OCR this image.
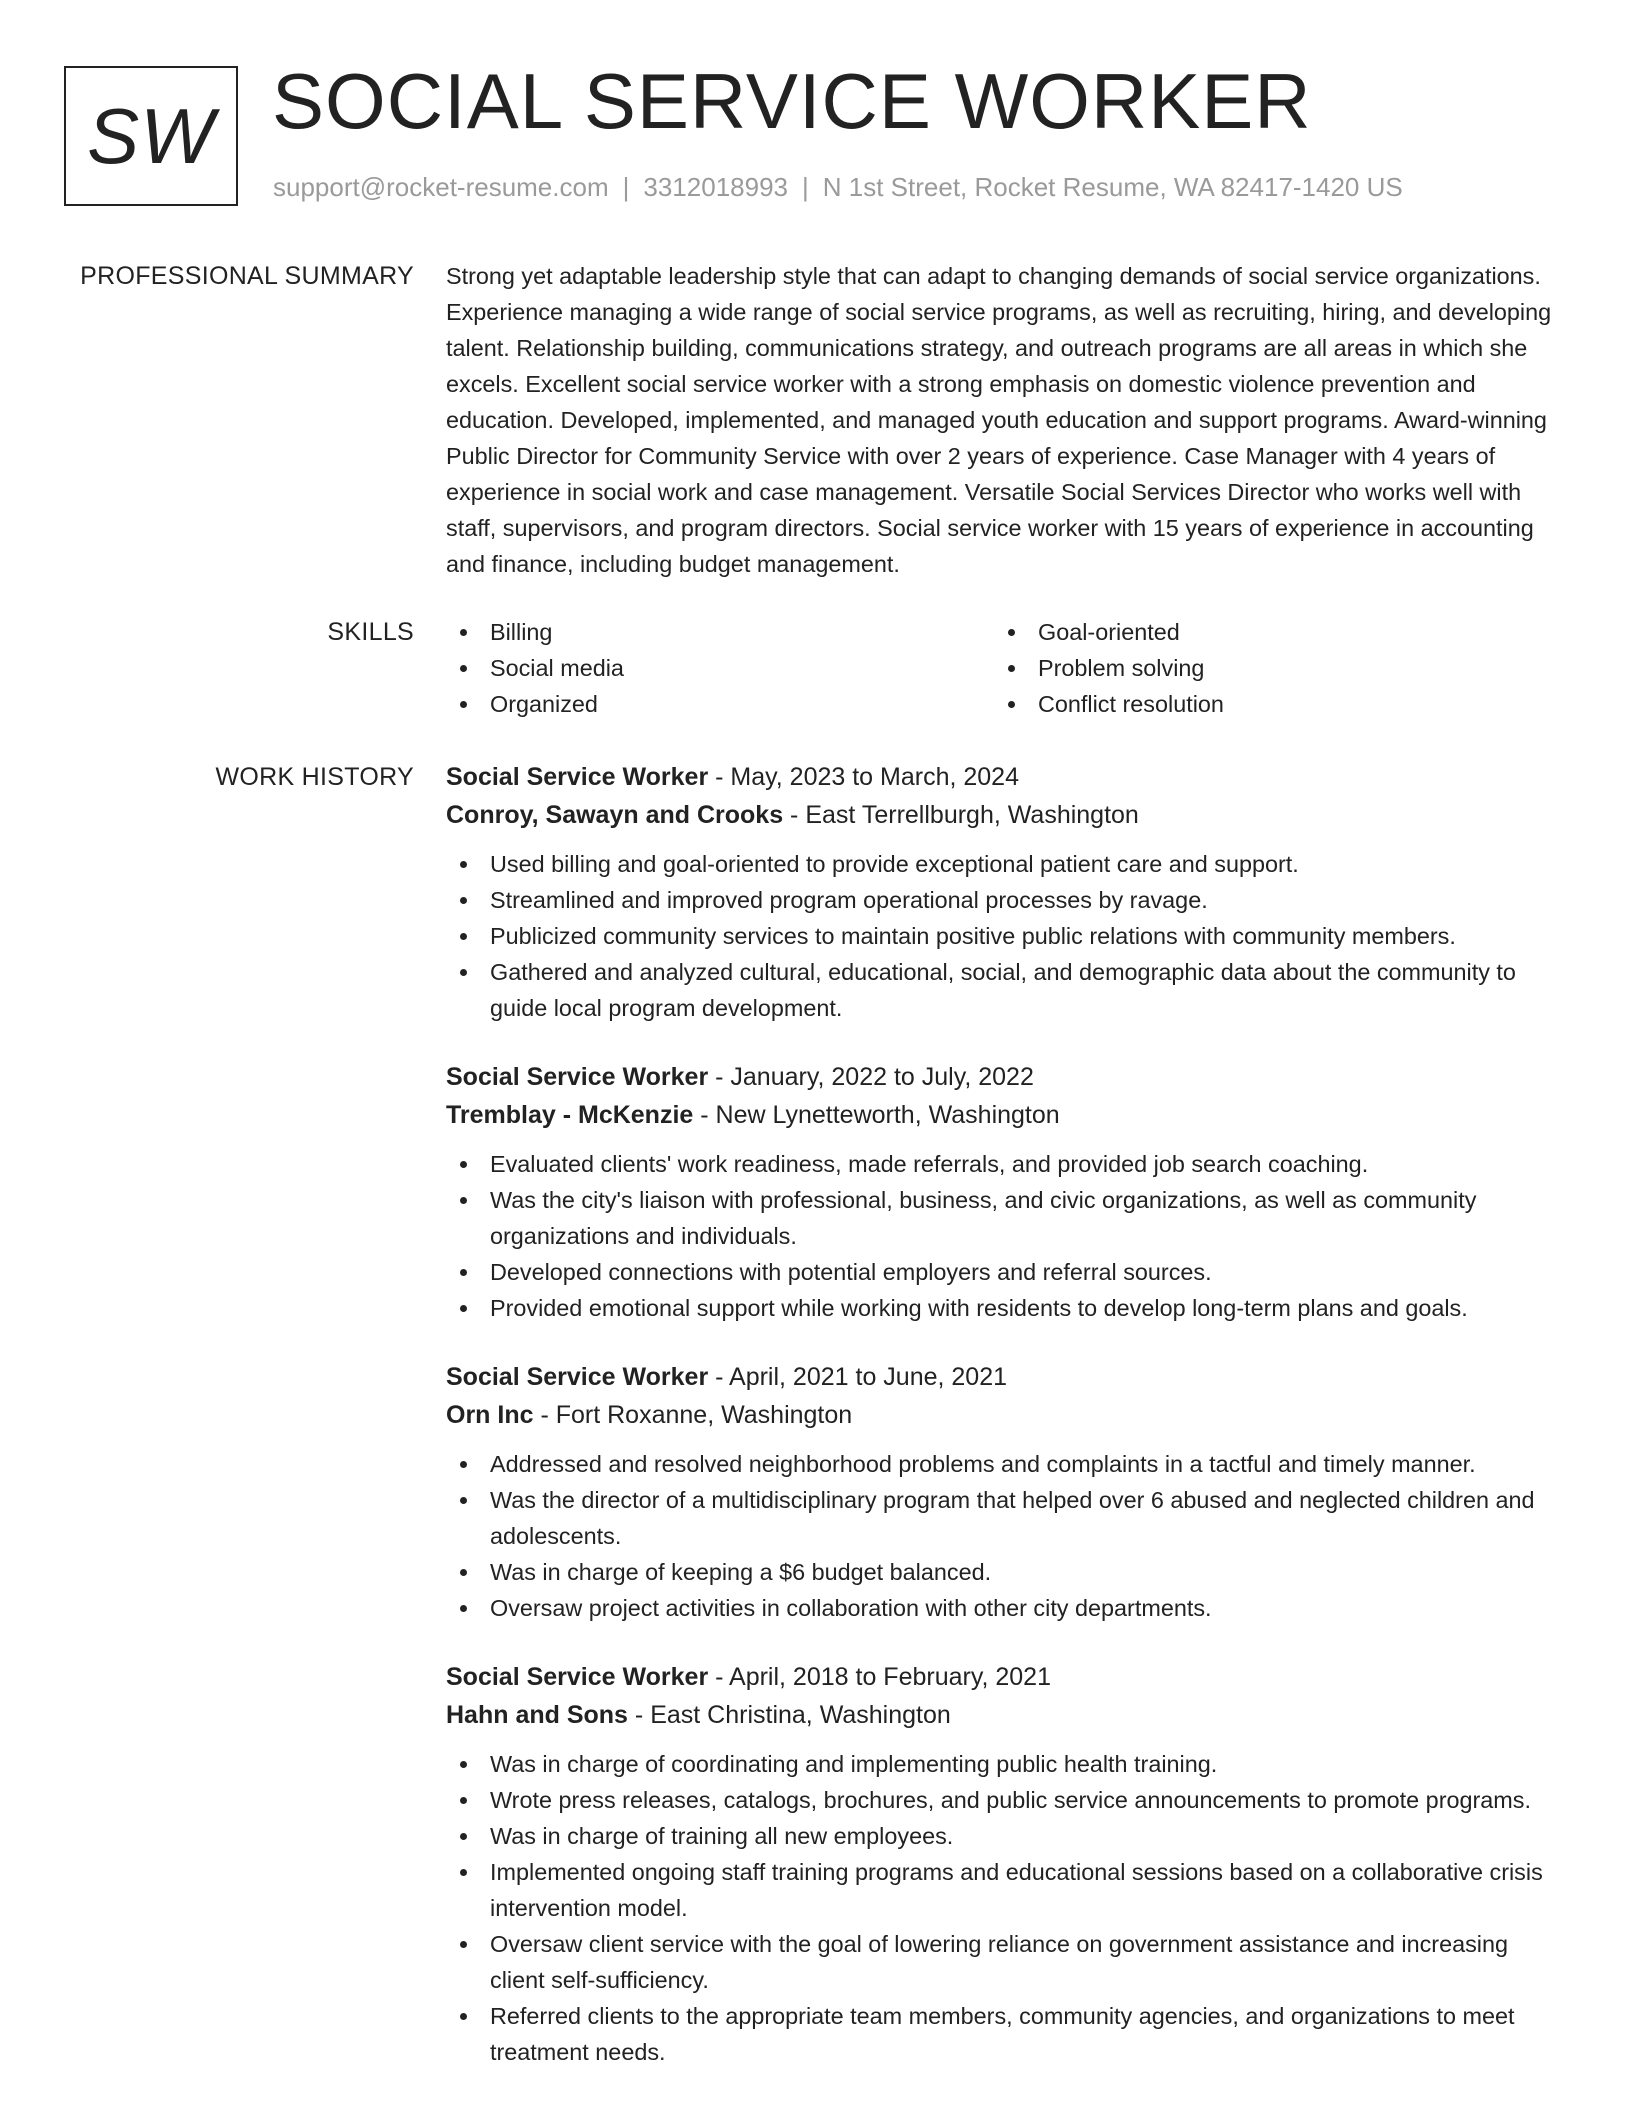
SW SOCIAL SERVICE WORKER
support@rocket-resume.com | 3312018993 | N 1st Street, Rocket Resume, WA 82417-1420 US
PROFESSIONAL SUMMARY Strong yet adaptable leadership style that can adapt to changing demands of social service organizations. Experience managing a wide range of social service programs, as well as recruiting, hiring, and developing talent. Relationship building, communications strategy, and outreach programs are all areas in which she excels. Excellent social service worker with a strong emphasis on domestic violence prevention and education. Developed, implemented, and managed youth education and support programs. Award-winning Public Director for Community Service with over 2 years of experience. Case Manager with 4 years of experience in social work and case management. Versatile Social Services Director who works well with staff, supervisors, and program directors. Social service worker with 15 years of experience in accounting and finance, including budget management.

SKILLS	Billing
Social media
Organized
Goal-oriented
Problem solving
Conflict resolution
WORK HISTORY Social Service Worker - May, 2023 to March, 2024
Conroy, Sawayn and Crooks - East Terrellburgh, Washington
Used billing and goal-oriented to provide exceptional patient care and support.
Streamlined and improved program operational processes by ravage.
Publicized community services to maintain positive public relations with community members.
Gathered and analyzed cultural, educational, social, and demographic data about the community to guide local program development.
Social Service Worker - January, 2022 to July, 2022
Tremblay - McKenzie - New Lynetteworth, Washington
Evaluated clients' work readiness, made referrals, and provided job search coaching.
Was the city's liaison with professional, business, and civic organizations, as well as community organizations and individuals.
Developed connections with potential employers and referral sources.
Provided emotional support while working with residents to develop long-term plans and goals.
Social Service Worker - April, 2021 to June, 2021
Orn Inc - Fort Roxanne, Washington
Addressed and resolved neighborhood problems and complaints in a tactful and timely manner.
Was the director of a multidisciplinary program that helped over 6 abused and neglected children and adolescents.
Was in charge of keeping a $6 budget balanced.
Oversaw project activities in collaboration with other city departments.
Social Service Worker - April, 2018 to February, 2021
Hahn and Sons - East Christina, Washington
Was in charge of coordinating and implementing public health training.
Wrote press releases, catalogs, brochures, and public service announcements to promote programs.
Was in charge of training all new employees.
Implemented ongoing staff training programs and educational sessions based on a collaborative crisis intervention model.
Oversaw client service with the goal of lowering reliance on government assistance and increasing client self-sufficiency.
Referred clients to the appropriate team members, community agencies, and organizations to meet treatment needs.
